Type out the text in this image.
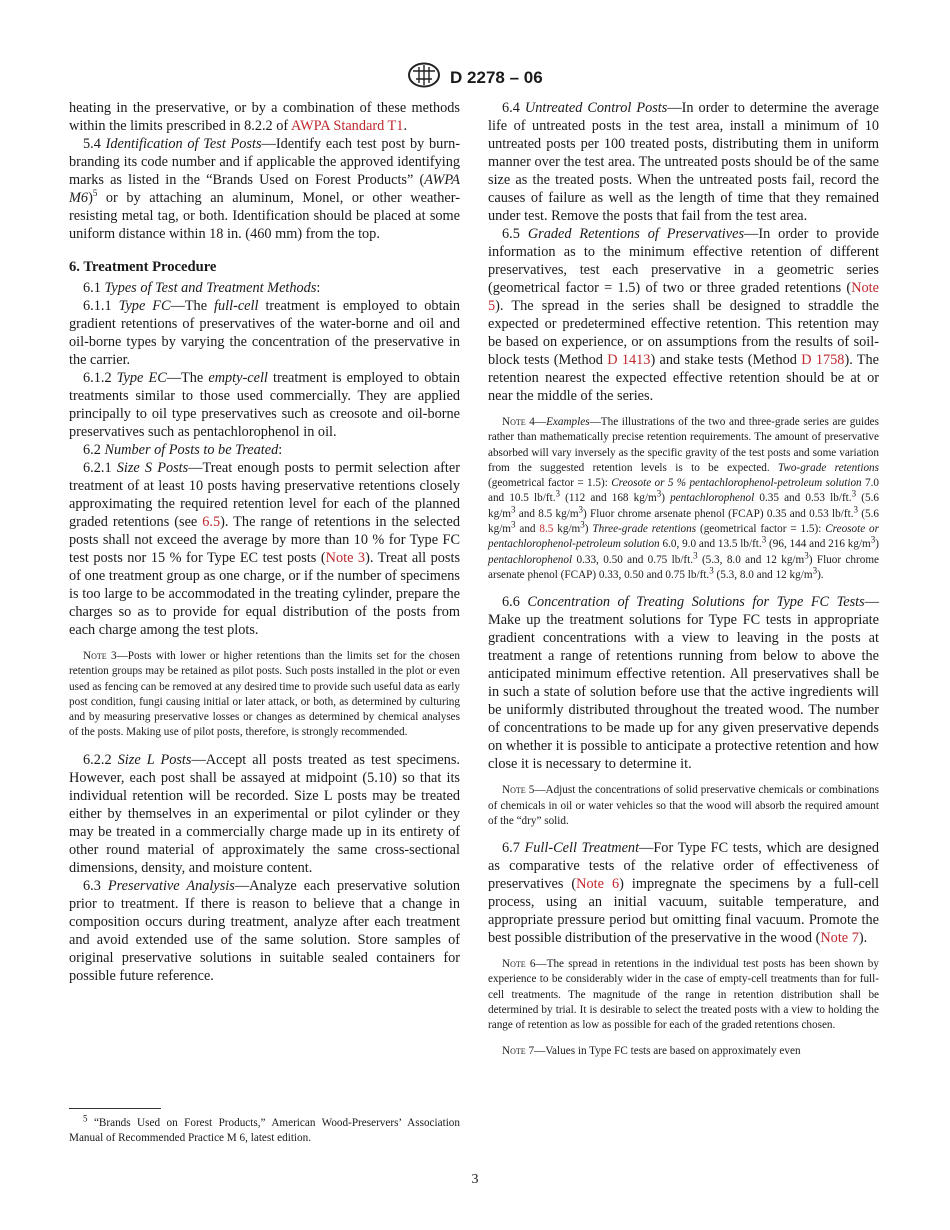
D 2278 – 06

heating in the preservative, or by a combination of these methods within the limits prescribed in 8.2.2 of AWPA Standard T1.

5.4 Identification of Test Posts—Identify each test post by burn-branding its code number and if applicable the approved identifying marks as listed in the “Brands Used on Forest Products” (AWPA M6)$^5$ or by attaching an aluminum, Monel, or other weather-resisting metal tag, or both. Identification should be placed at some uniform distance within 18 in. (460 mm) from the top.

6. Treatment Procedure

6.1 Types of Test and Treatment Methods:

6.1.1 Type FC—The full-cell treatment is employed to obtain gradient retentions of preservatives of the water-borne and oil and oil-borne types by varying the concentration of the preservative in the carrier.

6.1.2 Type EC—The empty-cell treatment is employed to obtain treatments similar to those used commercially. They are applied principally to oil type preservatives such as creosote and oil-borne preservatives such as pentachlorophenol in oil.

6.2 Number of Posts to be Treated:

6.2.1 Size S Posts—Treat enough posts to permit selection after treatment of at least 10 posts having preservative retentions closely approximating the required retention level for each of the planned graded retentions (see 6.5). The range of retentions in the selected posts shall not exceed the average by more than 10 % for Type FC test posts nor 15 % for Type EC test posts (Note 3). Treat all posts of one treatment group as one charge, or if the number of specimens is too large to be accommodated in the treating cylinder, prepare the charges so as to provide for equal distribution of the posts from each charge among the test plots.

Note 3—Posts with lower or higher retentions than the limits set for the chosen retention groups may be retained as pilot posts. Such posts installed in the plot or even used as fencing can be removed at any desired time to provide such useful data as early post condition, fungi causing initial or later attack, or both, as determined by culturing and by measuring preservative losses or changes as determined by chemical analyses of the posts. Making use of pilot posts, therefore, is strongly recommended.

6.2.2 Size L Posts—Accept all posts treated as test specimens. However, each post shall be assayed at midpoint (5.10) so that its individual retention will be recorded. Size L posts may be treated either by themselves in an experimental or pilot cylinder or they may be treated in a commercially charge made up in its entirety of other round material of approximately the same cross-sectional dimensions, density, and moisture content.

6.3 Preservative Analysis—Analyze each preservative solution prior to treatment. If there is reason to believe that a change in composition occurs during treatment, analyze after each treatment and avoid extended use of the same solution. Store samples of original preservative solutions in suitable sealed containers for possible future reference.

6.4 Untreated Control Posts—In order to determine the average life of untreated posts in the test area, install a minimum of 10 untreated posts per 100 treated posts, distributing them in uniform manner over the test area. The untreated posts should be of the same size as the treated posts. When the untreated posts fail, record the causes of failure as well as the length of time that they remained under test. Remove the posts that fail from the test area.

6.5 Graded Retentions of Preservatives—In order to provide information as to the minimum effective retention of different preservatives, test each preservative in a geometric series (geometrical factor = 1.5) of two or three graded retentions (Note 5). The spread in the series shall be designed to straddle the expected or predetermined effective retention. This retention may be based on experience, or on assumptions from the results of soil-block tests (Method D 1413) and stake tests (Method D 1758). The retention nearest the expected effective retention should be at or near the middle of the series.

Note 4—Examples—The illustrations of the two and three-grade series are guides rather than mathematically precise retention requirements. The amount of preservative absorbed will vary inversely as the specific gravity of the test posts and some variation from the suggested retention levels is to be expected. Two-grade retentions (geometrical factor = 1.5): Creosote or 5 % pentachlorophenol-petroleum solution 7.0 and 10.5 lb/ft.$^3$ (112 and 168 $kg/m^3$) pentachlorophenol 0.35 and 0.53 lb/ft.$^3$ (5.6 $kg/m^3$ and 8.5 $kg/m^3$) Fluor chrome arsenate phenol (FCAP) 0.35 and 0.53 lb/ft.$^3$ (5.6 $kg/m^3$ and 8.5 $kg/m^3$) Three-grade retentions (geometrical factor = 1.5): Creosote or pentachlorophenol-petroleum solution 6.0, 9.0 and 13.5 lb/ft.$^3$ (96, 144 and 216 $kg/m^3$) pentachlorophenol 0.33, 0.50 and 0.75 lb/ft.$^3$ (5.3, 8.0 and 12 $kg/m^3$) Fluor chrome arsenate phenol (FCAP) 0.33, 0.50 and 0.75 lb/ft.$^3$ (5.3, 8.0 and 12 $kg/m^3$).

6.6 Concentration of Treating Solutions for Type FC Tests—Make up the treatment solutions for Type FC tests in appropriate gradient concentrations with a view to leaving in the posts at treatment a range of retentions running from below to above the anticipated minimum effective retention. All preservatives shall be in such a state of solution before use that the active ingredients will be uniformly distributed throughout the treated wood. The number of concentrations to be made up for any given preservative depends on whether it is possible to anticipate a protective retention and how close it is necessary to determine it.

Note 5—Adjust the concentrations of solid preservative chemicals or combinations of chemicals in oil or water vehicles so that the wood will absorb the required amount of the “dry” solid.

6.7 Full-Cell Treatment—For Type FC tests, which are designed as comparative tests of the relative order of effectiveness of preservatives (Note 6) impregnate the specimens by a full-cell process, using an initial vacuum, suitable temperature, and appropriate pressure period but omitting final vacuum. Promote the best possible distribution of the preservative in the wood (Note 7).

Note 6—The spread in retentions in the individual test posts has been shown by experience to be considerably wider in the case of empty-cell treatments than for full-cell treatments. The magnitude of the range in retention distribution shall be determined by trial. It is desirable to select the treated posts with a view to holding the range of retention as low as possible for each of the graded retentions chosen.

Note 7—Values in Type FC tests are based on approximately even

$^5$ “Brands Used on Forest Products,” American Wood-Preservers’ Association Manual of Recommended Practice M 6, latest edition.
3
